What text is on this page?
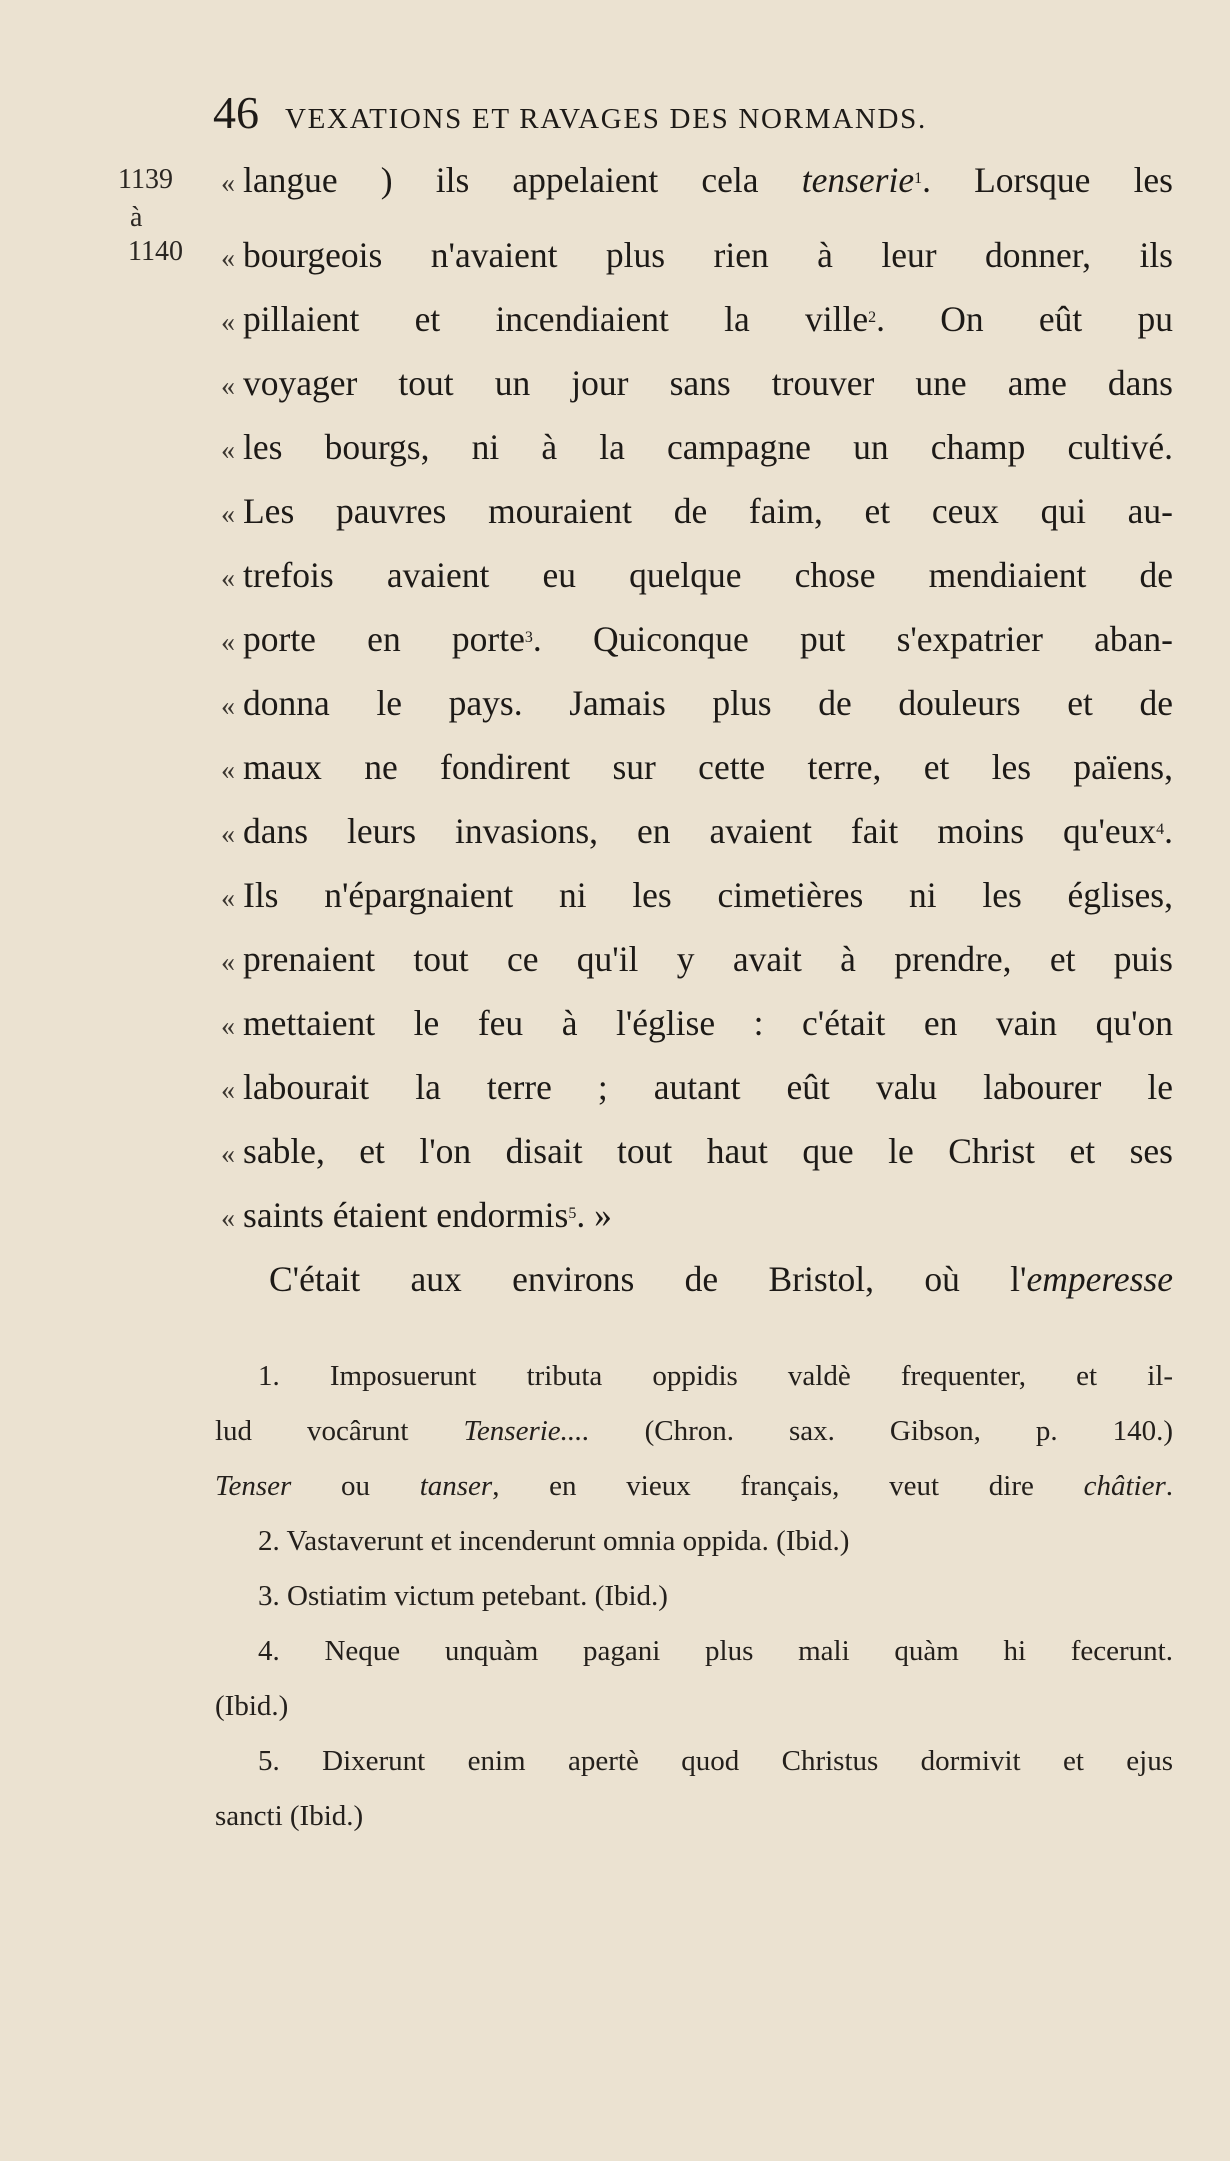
46 VEXATIONS ET RAVAGES DES NORMANDS.
1139
à
1140
« langue ) ils appelaient cela tenserie$^1$. Lorsque les
« bourgeois n'avaient plus rien à leur donner, ils
« pillaient et incendiaient la ville$^2$. On eût pu
« voyager tout un jour sans trouver une ame dans
« les bourgs, ni à la campagne un champ cultivé.
« Les pauvres mouraient de faim, et ceux qui au-
« trefois avaient eu quelque chose mendiaient de
« porte en porte$^3$. Quiconque put s'expatrier aban-
« donna le pays. Jamais plus de douleurs et de
« maux ne fondirent sur cette terre, et les païens,
« dans leurs invasions, en avaient fait moins qu'eux$^4$.
« Ils n'épargnaient ni les cimetières ni les églises,
« prenaient tout ce qu'il y avait à prendre, et puis
« mettaient le feu à l'église : c'était en vain qu'on
« labourait la terre ; autant eût valu labourer le
« sable, et l'on disait tout haut que le Christ et ses
« saints étaient endormis$^5$. »
C'était aux environs de Bristol, où l'emperesse
1. Imposuerunt tributa oppidis valdè frequenter, et il-
lud vocârunt Tenserie.... (Chron. sax. Gibson, p. 140.)
Tenser ou tanser, en vieux français, veut dire châtier.
2. Vastaverunt et incenderunt omnia oppida. (Ibid.)
3. Ostiatim victum petebant. (Ibid.)
4. Neque unquàm pagani plus mali quàm hi fecerunt.
(Ibid.)
5. Dixerunt enim apertè quod Christus dormivit et ejus
sancti (Ibid.)
